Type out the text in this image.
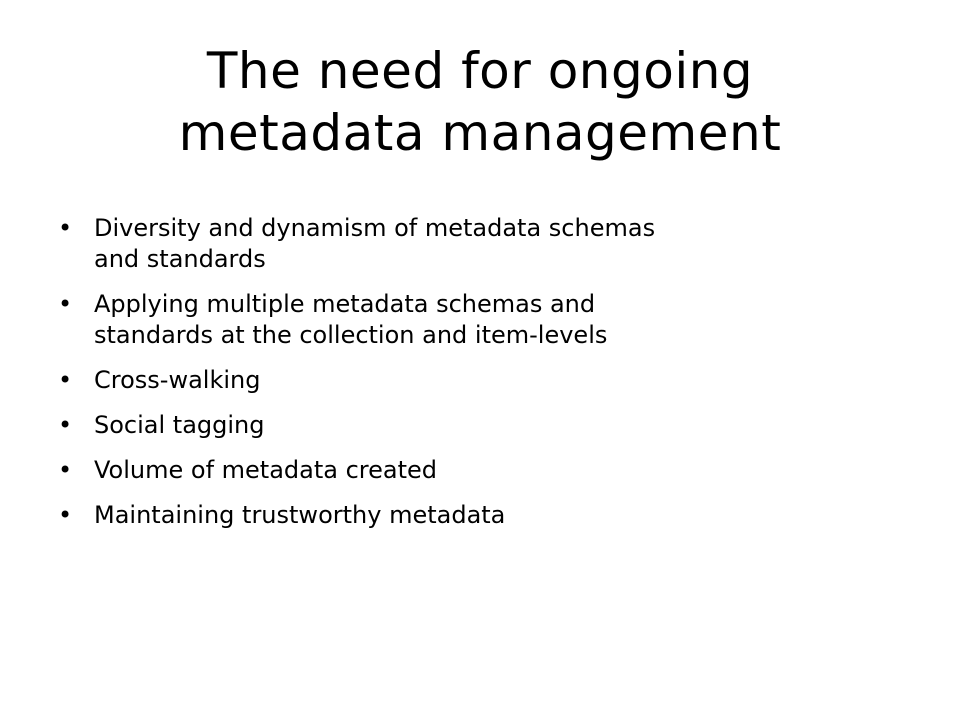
The need for ongoing
metadata management
• Diversity and dynamism of metadata schemas
and standards
• Applying multiple metadata schemas and
standards at the collection and item-levels
• Cross-walking
• Social tagging
• Volume of metadata created
• Maintaining trustworthy metadata
